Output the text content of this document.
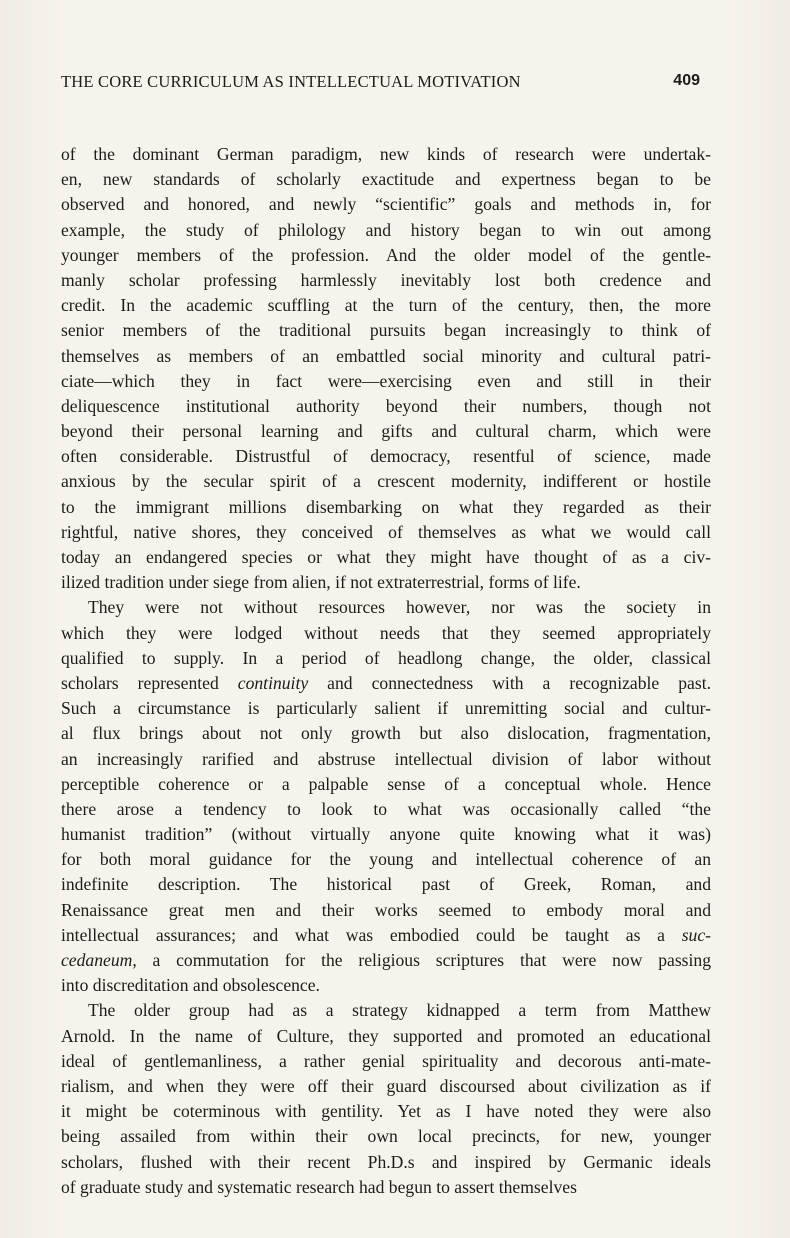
THE CORE CURRICULUM AS INTELLECTUAL MOTIVATION	409
of the dominant German paradigm, new kinds of research were undertak-
en, new standards of scholarly exactitude and expertness began to be
observed and honored, and newly “scientific” goals and methods in, for
example, the study of philology and history began to win out among
younger members of the profession. And the older model of the gentle-
manly scholar professing harmlessly inevitably lost both credence and
credit. In the academic scuffling at the turn of the century, then, the more
senior members of the traditional pursuits began increasingly to think of
themselves as members of an embattled social minority and cultural patri-
ciate—which they in fact were—exercising even and still in their
deliquescence institutional authority beyond their numbers, though not
beyond their personal learning and gifts and cultural charm, which were
often considerable. Distrustful of democracy, resentful of science, made
anxious by the secular spirit of a crescent modernity, indifferent or hostile
to the immigrant millions disembarking on what they regarded as their
rightful, native shores, they conceived of themselves as what we would call
today an endangered species or what they might have thought of as a civ-
ilized tradition under siege from alien, if not extraterrestrial, forms of life.
They were not without resources however, nor was the society in
which they were lodged without needs that they seemed appropriately
qualified to supply. In a period of headlong change, the older, classical
scholars represented continuity and connectedness with a recognizable past.
Such a circumstance is particularly salient if unremitting social and cultur-
al flux brings about not only growth but also dislocation, fragmentation,
an increasingly rarified and abstruse intellectual division of labor without
perceptible coherence or a palpable sense of a conceptual whole. Hence
there arose a tendency to look to what was occasionally called “the
humanist tradition” (without virtually anyone quite knowing what it was)
for both moral guidance for the young and intellectual coherence of an
indefinite description. The historical past of Greek, Roman, and
Renaissance great men and their works seemed to embody moral and
intellectual assurances; and what was embodied could be taught as a suc-
cedaneum, a commutation for the religious scriptures that were now passing
into discreditation and obsolescence.
The older group had as a strategy kidnapped a term from Matthew
Arnold. In the name of Culture, they supported and promoted an educational
ideal of gentlemanliness, a rather genial spirituality and decorous anti-mate-
rialism, and when they were off their guard discoursed about civilization as if
it might be coterminous with gentility. Yet as I have noted they were also
being assailed from within their own local precincts, for new, younger
scholars, flushed with their recent Ph.D.s and inspired by Germanic ideals
of graduate study and systematic research had begun to assert themselves
